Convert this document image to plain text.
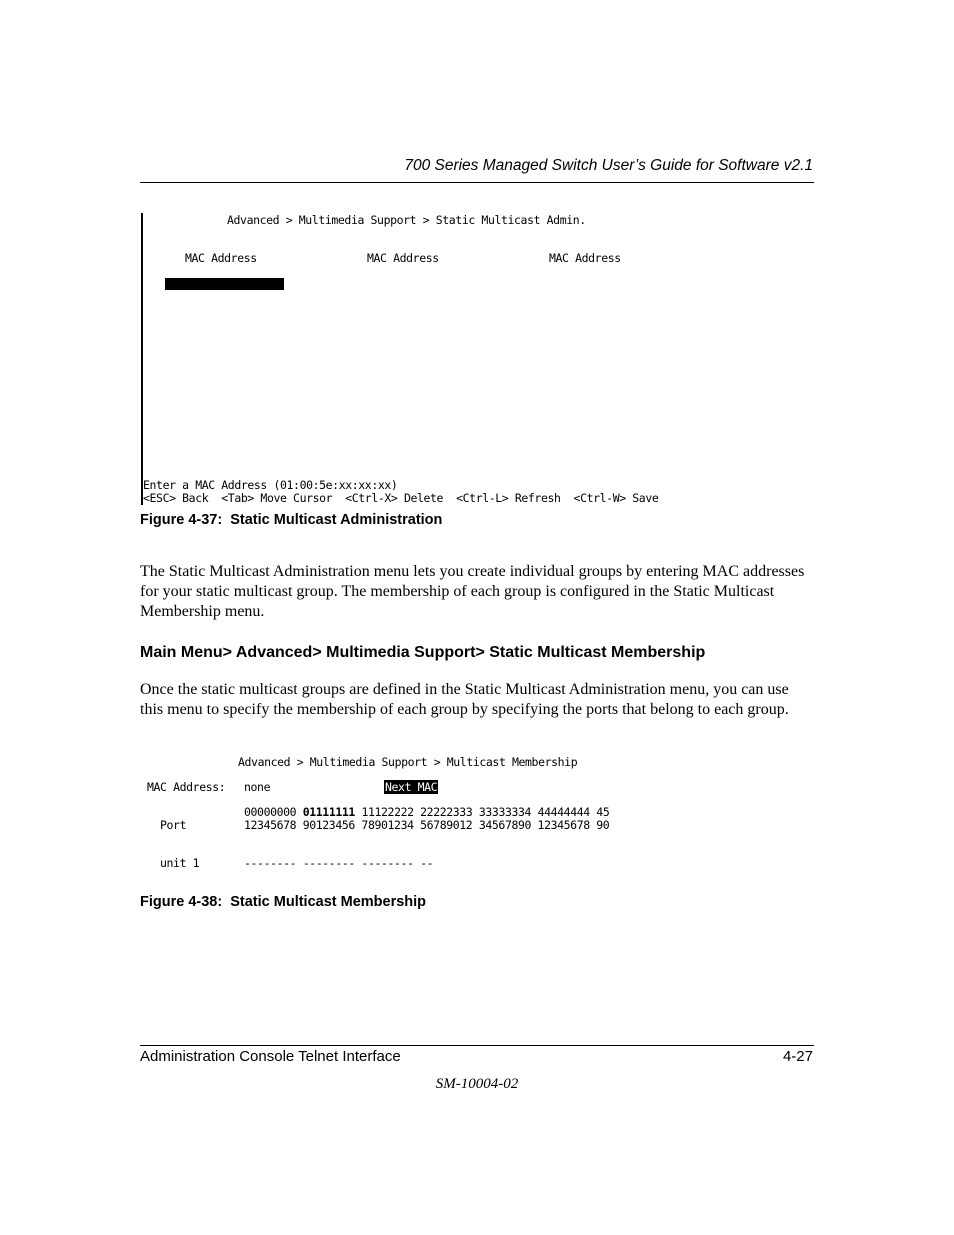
700 Series Managed Switch User’s Guide for Software v2.1
Advanced > Multimedia Support > Static Multicast Admin.
MAC Address	MAC Address	MAC Address
Enter a MAC Address (01:00:5e:xx:xx:xx)
<ESC> Back  <Tab> Move Cursor  <Ctrl-X> Delete  <Ctrl-L> Refresh  <Ctrl-W> Save
Figure 4-37:  Static Multicast Administration
The Static Multicast Administration menu lets you create individual groups by entering MAC addresses for your static multicast group. The membership of each group is configured in the Static Multicast Membership menu.
Main Menu> Advanced> Multimedia Support> Static Multicast Membership
Once the static multicast groups are defined in the Static Multicast Administration menu, you can use this menu to specify the membership of each group by specifying the ports that belong to each group.
Advanced > Multimedia Support > Multicast Membership
MAC Address: none	Next MAC
00000000 01111111 11122222 22222333 33333334 44444444 45
Port	12345678 90123456 78901234 56789012 34567890 12345678 90
unit 1	-------- -------- -------- --
Figure 4-38:  Static Multicast Membership
Administration Console Telnet Interface	4-27
SM-10004-02
